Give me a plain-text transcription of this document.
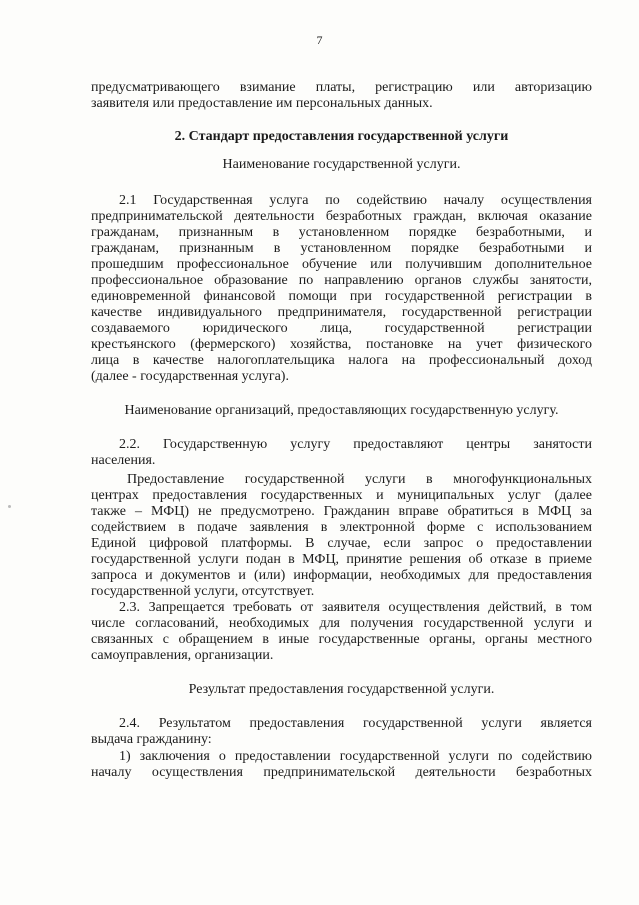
7

предусматривающего взимание платы, регистрацию или авторизацию

заявителя или предоставление им персональных данных.

2. Стандарт предоставления государственной услуги

Наименование государственной услуги.

2.1 Государственная услуга по содействию началу осуществления

предпринимательской деятельности безработных граждан, включая оказание

гражданам, признанным в установленном порядке безработными, и

гражданам, признанным в установленном порядке безработными и

прошедшим профессиональное обучение или получившим дополнительное

профессиональное образование по направлению органов службы занятости,

единовременной финансовой помощи при государственной регистрации в

качестве индивидуального предпринимателя, государственной регистрации

создаваемого юридического лица, государственной регистрации

крестьянского (фермерского) хозяйства, постановке на учет физического

лица в качестве налогоплательщика налога на профессиональный доход

(далее - государственная услуга).

Наименование организаций, предоставляющих государственную услугу.

2.2. Государственную услугу предоставляют центры занятости

населения.

Предоставление государственной услуги в многофункциональных

центрах предоставления государственных и муниципальных услуг (далее

также – МФЦ) не предусмотрено. Гражданин вправе обратиться в МФЦ за

содействием в подаче заявления в электронной форме с использованием

Единой цифровой платформы. В случае, если запрос о предоставлении

государственной услуги подан в МФЦ, принятие решения об отказе в приеме

запроса и документов и (или) информации, необходимых для предоставления

государственной услуги, отсутствует.

2.3. Запрещается требовать от заявителя осуществления действий, в том

числе согласований, необходимых для получения государственной услуги и

связанных с обращением в иные государственные органы, органы местного

самоуправления, организации.

Результат предоставления государственной услуги.

2.4. Результатом предоставления государственной услуги является

выдача гражданину:

1) заключения о предоставлении государственной услуги по содействию

началу осуществления предпринимательской деятельности безработных
